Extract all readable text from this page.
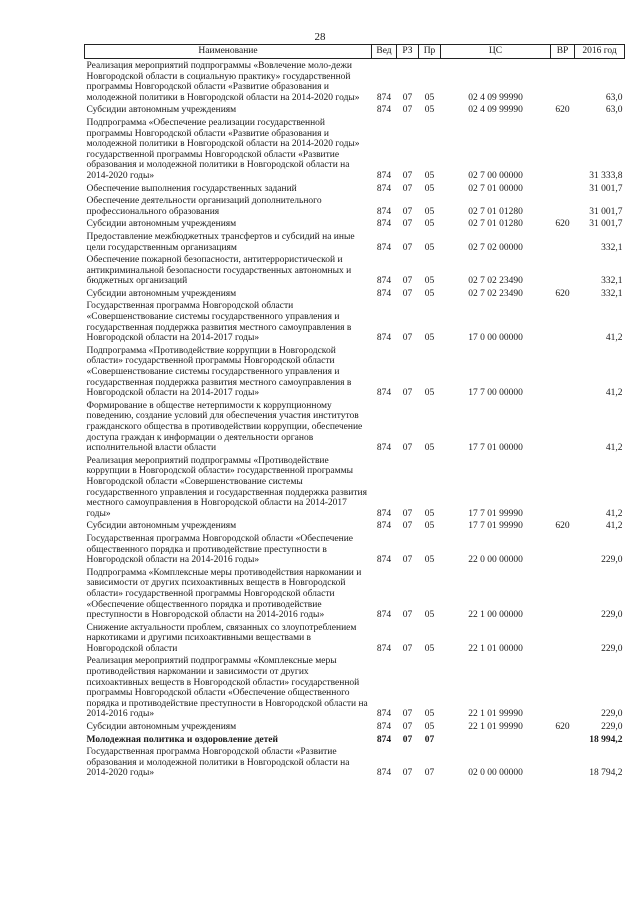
28
Наименование	Вед	РЗ	Пр	ЦС	ВР	2016 год
Реализация мероприятий подпрограммы «Вовлечение моло-дежи Новгородской области в социальную практику» государственной программы Новгородской области «Развитие образования и молодежной политики в Новгородской области на 2014-2020 годы»	874	07	05	02 4 09 99990		63,0
Субсидии автономным учреждениям	874	07	05	02 4 09 99990	620	63,0
Подпрограмма «Обеспечение реализации государственной программы Новгородской области «Развитие образования и молодежной политики в Новгородской области на 2014-2020 годы» государственной программы Новгородской области «Развитие образования и молодежной политики в Новгородской области на 2014-2020 годы»	874	07	05	02 7 00 00000		31 333,8
Обеспечение выполнения государственных заданий	874	07	05	02 7 01 00000		31 001,7
Обеспечение деятельности организаций дополнительного профессионального образования	874	07	05	02 7 01 01280		31 001,7
Субсидии автономным учреждениям	874	07	05	02 7 01 01280	620	31 001,7
Предоставление межбюджетных трансфертов и субсидий на иные цели государственным организациям	874	07	05	02 7 02 00000		332,1
Обеспечение пожарной безопасности, антитеррористической и антикриминальной безопасности государственных автономных и бюджетных организаций	874	07	05	02 7 02 23490		332,1
Субсидии автономным учреждениям	874	07	05	02 7 02 23490	620	332,1
Государственная программа Новгородской области «Совершенствование системы государственного управления и государственная поддержка развития местного самоуправления в Новгородской области на 2014-2017 годы»	874	07	05	17 0 00 00000		41,2
Подпрограмма «Противодействие коррупции в Новгородской области» государственной программы Новгородской области «Совершенствование системы государственного управления и государственная поддержка развития местного самоуправления в Новгородской области на 2014-2017 годы»	874	07	05	17 7 00 00000		41,2
Формирование в обществе нетерпимости к коррупционному поведению, создание условий для обеспечения участия институтов гражданского общества в противодействии коррупции, обеспечение доступа граждан к информации о деятельности органов исполнительной власти области	874	07	05	17 7 01 00000		41,2
Реализация мероприятий подпрограммы «Противодействие коррупции в Новгородской области» государственной программы Новгородской области «Совершенствование системы государственного управления и государственная поддержка развития местного самоуправления в Новгородской области на 2014-2017 годы»	874	07	05	17 7 01 99990		41,2
Субсидии автономным учреждениям	874	07	05	17 7 01 99990	620	41,2
Государственная программа Новгородской области «Обеспечение общественного порядка и противодействие преступности в Новгородской области на 2014-2016 годы»	874	07	05	22 0 00 00000		229,0
Подпрограмма «Комплексные меры противодействия наркомании и зависимости от других психоактивных веществ в Новгородской области» государственной программы Новгородской области «Обеспечение общественного порядка и противодействие преступности в Новгородской области на 2014-2016 годы»	874	07	05	22 1 00 00000		229,0
Снижение актуальности проблем, связанных со злоупотреблением наркотиками и другими психоактивными веществами в Новгородской области	874	07	05	22 1 01 00000		229,0
Реализация мероприятий подпрограммы «Комплексные меры противодействия наркомании и зависимости от других психоактивных веществ в Новгородской области» государственной программы Новгородской области «Обеспечение общественного порядка и противодействие преступности в Новгородской области на 2014-2016 годы»	874	07	05	22 1 01 99990		229,0
Субсидии автономным учреждениям	874	07	05	22 1 01 99990	620	229,0
Молодежная политика и оздоровление детей	874	07	07			18 994,2
Государственная программа Новгородской области «Развитие образования и молодежной политики в Новгородской области на 2014-2020 годы»	874	07	07	02 0 00 00000		18 794,2
